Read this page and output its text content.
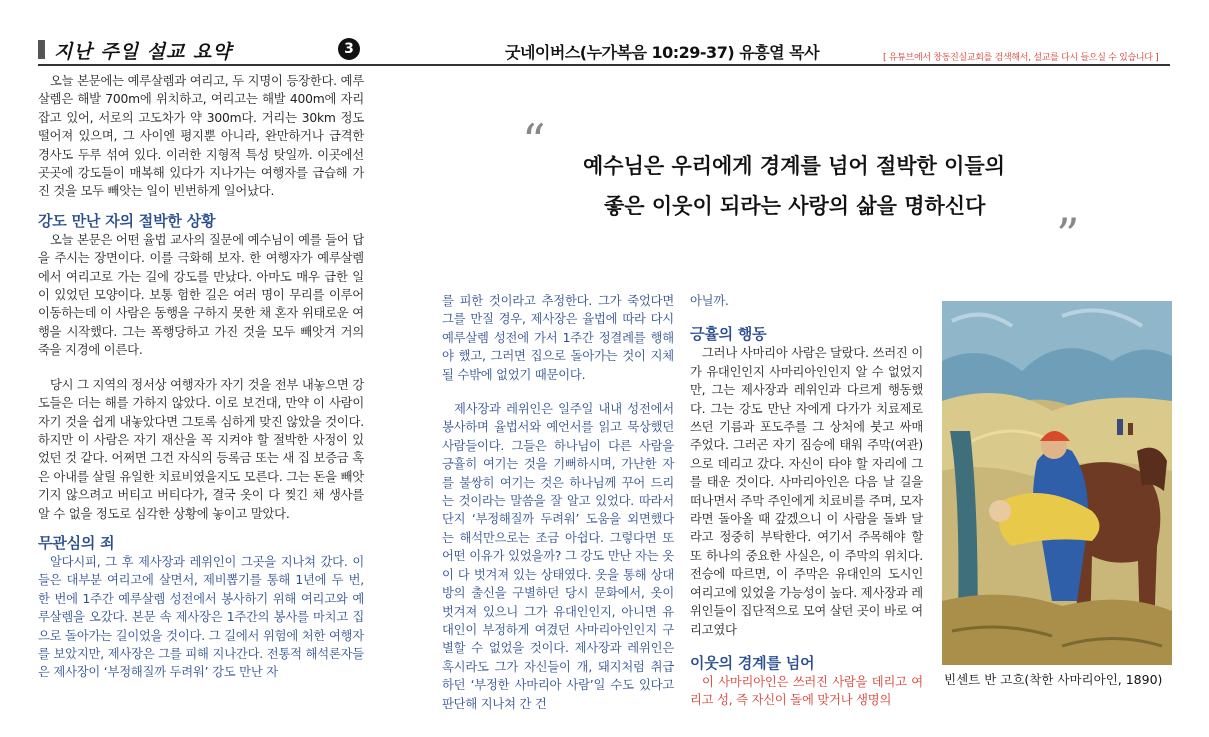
지난 주일 설교 요약	3	굿네이버스(누가복음 10:29-37) 유흥열 목사	[ 유튜브에서 창동진실교회를 검색해서, 설교를 다시 들으실 수 있습니다 ]

오늘 본문에는 예루살렘과 여리고, 두 지명이 등장한다. 예루살렘은 해발 700m에 위치하고, 여리고는 해발 400m에 자리 잡고 있어, 서로의 고도차가 약 300m다. 거리는 30km 정도 떨어져 있으며, 그 사이엔 평지뿐 아니라, 완만하거나 급격한 경사도 두루 섞여 있다. 이러한 지형적 특성 탓일까. 이곳에선 곳곳에 강도들이 매복해 있다가 지나가는 여행자를 급습해 가진 것을 모두 빼앗는 일이 빈번하게 일어났다.

강도 만난 자의 절박한 상황

오늘 본문은 어떤 율법 교사의 질문에 예수님이 예를 들어 답을 주시는 장면이다. 이를 극화해 보자. 한 여행자가 예루살렘에서 여리고로 가는 길에 강도를 만났다. 아마도 매우 급한 일이 있었던 모양이다. 보통 험한 길은 여러 명이 무리를 이루어 이동하는데 이 사람은 동행을 구하지 못한 채 혼자 위태로운 여행을 시작했다. 그는 폭행당하고 가진 것을 모두 빼앗겨 거의 죽을 지경에 이른다.

당시 그 지역의 정서상 여행자가 자기 것을 전부 내놓으면 강도들은 더는 해를 가하지 않았다. 이로 보건대, 만약 이 사람이 자기 것을 쉽게 내놓았다면 그토록 심하게 맞진 않았을 것이다. 하지만 이 사람은 자기 재산을 꼭 지켜야 할 절박한 사정이 있었던 것 같다. 어쩌면 그건 자식의 등록금 또는 새 집 보증금 혹은 아내를 살릴 유일한 치료비였을지도 모른다. 그는 돈을 빼앗기지 않으려고 버티고 버티다가, 결국 옷이 다 찢긴 채 생사를 알 수 없을 정도로 심각한 상황에 놓이고 말았다.

무관심의 죄

알다시피, 그 후 제사장과 레위인이 그곳을 지나쳐 갔다. 이들은 대부분 여리고에 살면서, 제비뽑기를 통해 1년에 두 번, 한 번에 1주간 예루살렘 성전에서 봉사하기 위해 여리고와 예루살렘을 오갔다. 본문 속 제사장은 1주간의 봉사를 마치고 집으로 돌아가는 길이었을 것이다. 그 길에서 위험에 처한 여행자를 보았지만, 제사장은 그를 피해 지나간다. 전통적 해석론자들은 제사장이 ‘부정해질까 두려워’ 강도 만난 자

“ 예수님은 우리에게 경계를 넘어 절박한 이들의
좋은 이웃이 되라는 사랑의 삶을 명하신다
”

를 피한 것이라고 추정한다. 그가 죽었다면 그를 만질 경우, 제사장은 율법에 따라 다시 예루살렘 성전에 가서 1주간 정결례를 행해야 했고, 그러면 집으로 돌아가는 것이 지체될 수밖에 없었기 때문이다.

제사장과 레위인은 일주일 내내 성전에서 봉사하며 율법서와 예언서를 읽고 묵상했던 사람들이다. 그들은 하나님이 다른 사람을 긍휼히 여기는 것을 기뻐하시며, 가난한 자를 불쌍히 여기는 것은 하나님께 꾸어 드리는 것이라는 말씀을 잘 알고 있었다. 따라서 단지 ‘부정해질까 두려워’ 도움을 외면했다는 해석만으로는 조금 아쉽다. 그렇다면 또 어떤 이유가 있었을까? 그 강도 만난 자는 옷이 다 벗겨져 있는 상태였다. 옷을 통해 상대방의 출신을 구별하던 당시 문화에서, 옷이 벗겨져 있으니 그가 유대인인지, 아니면 유대인이 부정하게 여겼던 사마리아인인지 구별할 수 없었을 것이다. 제사장과 레위인은 혹시라도 그가 자신들이 개, 돼지처럼 취급하던 ‘부정한 사마리아 사람’일 수도 있다고 판단해 지나쳐 간 건

아닐까.

긍휼의 행동

그러나 사마리아 사람은 달랐다. 쓰러진 이가 유대인인지 사마리아인인지 알 수 없었지만, 그는 제사장과 레위인과 다르게 행동했다. 그는 강도 만난 자에게 다가가 치료제로 쓰던 기름과 포도주를 그 상처에 붓고 싸매 주었다. 그러곤 자기 짐승에 태워 주막(여관)으로 데리고 갔다. 자신이 타야 할 자리에 그를 태운 것이다. 사마리아인은 다음 날 길을 떠나면서 주막 주인에게 치료비를 주며, 모자라면 돌아올 때 갚겠으니 이 사람을 돌봐 달라고 정중히 부탁한다. 여기서 주목해야 할 또 하나의 중요한 사실은, 이 주막의 위치다. 전승에 따르면, 이 주막은 유대인의 도시인 여리고에 있었을 가능성이 높다. 제사장과 레위인들이 집단적으로 모여 살던 곳이 바로 여리고였다

이웃의 경계를 넘어

이 사마리아인은 쓰러진 사람을 데리고 여리고 성, 즉 자신이 돌에 맞거나 생명의

빈센트 반 고흐(착한 사마리아인, 1890)
